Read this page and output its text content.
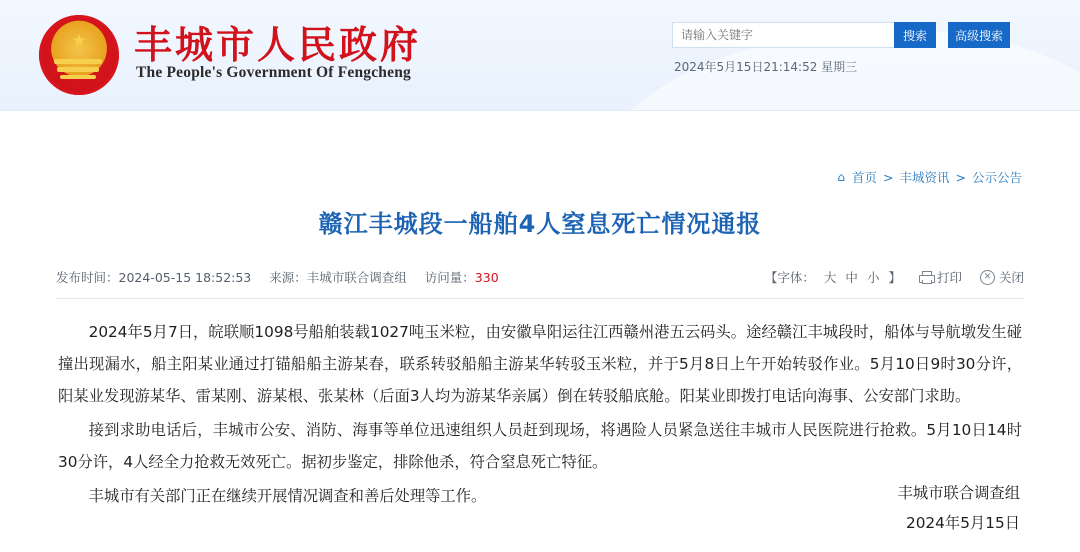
★ 丰城市人民政府
The People's Government Of Fengcheng
请输入关键字
搜索	高级搜索
2024年5月15日21:14:52 星期三
⌂ 首页 > 丰城资讯 > 公示公告
赣江丰城段一船舶4人窒息死亡情况通报
发布时间：2024-05-15 18:52:53 来源：丰城市联合调查组 访问量：330	【字体： 大 中 小 】	打印	✕ 关闭

2024年5月7日，皖联顺1098号船舶装载1027吨玉米粒，由安徽阜阳运往江西赣州港五云码头。途经赣江丰城段时，船体与导航墩发生碰撞出现漏水，船主阳某业通过打锚船船主游某春，联系转驳船船主游某华转驳玉米粒，并于5月8日上午开始转驳作业。5月10日9时30分许，阳某业发现游某华、雷某刚、游某根、张某林（后面3人均为游某华亲属）倒在转驳船底舱。阳某业即拨打电话向海事、公安部门求助。

接到求助电话后，丰城市公安、消防、海事等单位迅速组织人员赶到现场，将遇险人员紧急送往丰城市人民医院进行抢救。5月10日14时30分许，4人经全力抢救无效死亡。据初步鉴定，排除他杀，符合窒息死亡特征。

丰城市有关部门正在继续开展情况调查和善后处理等工作。	丰城市联合调查组
2024年5月15日
